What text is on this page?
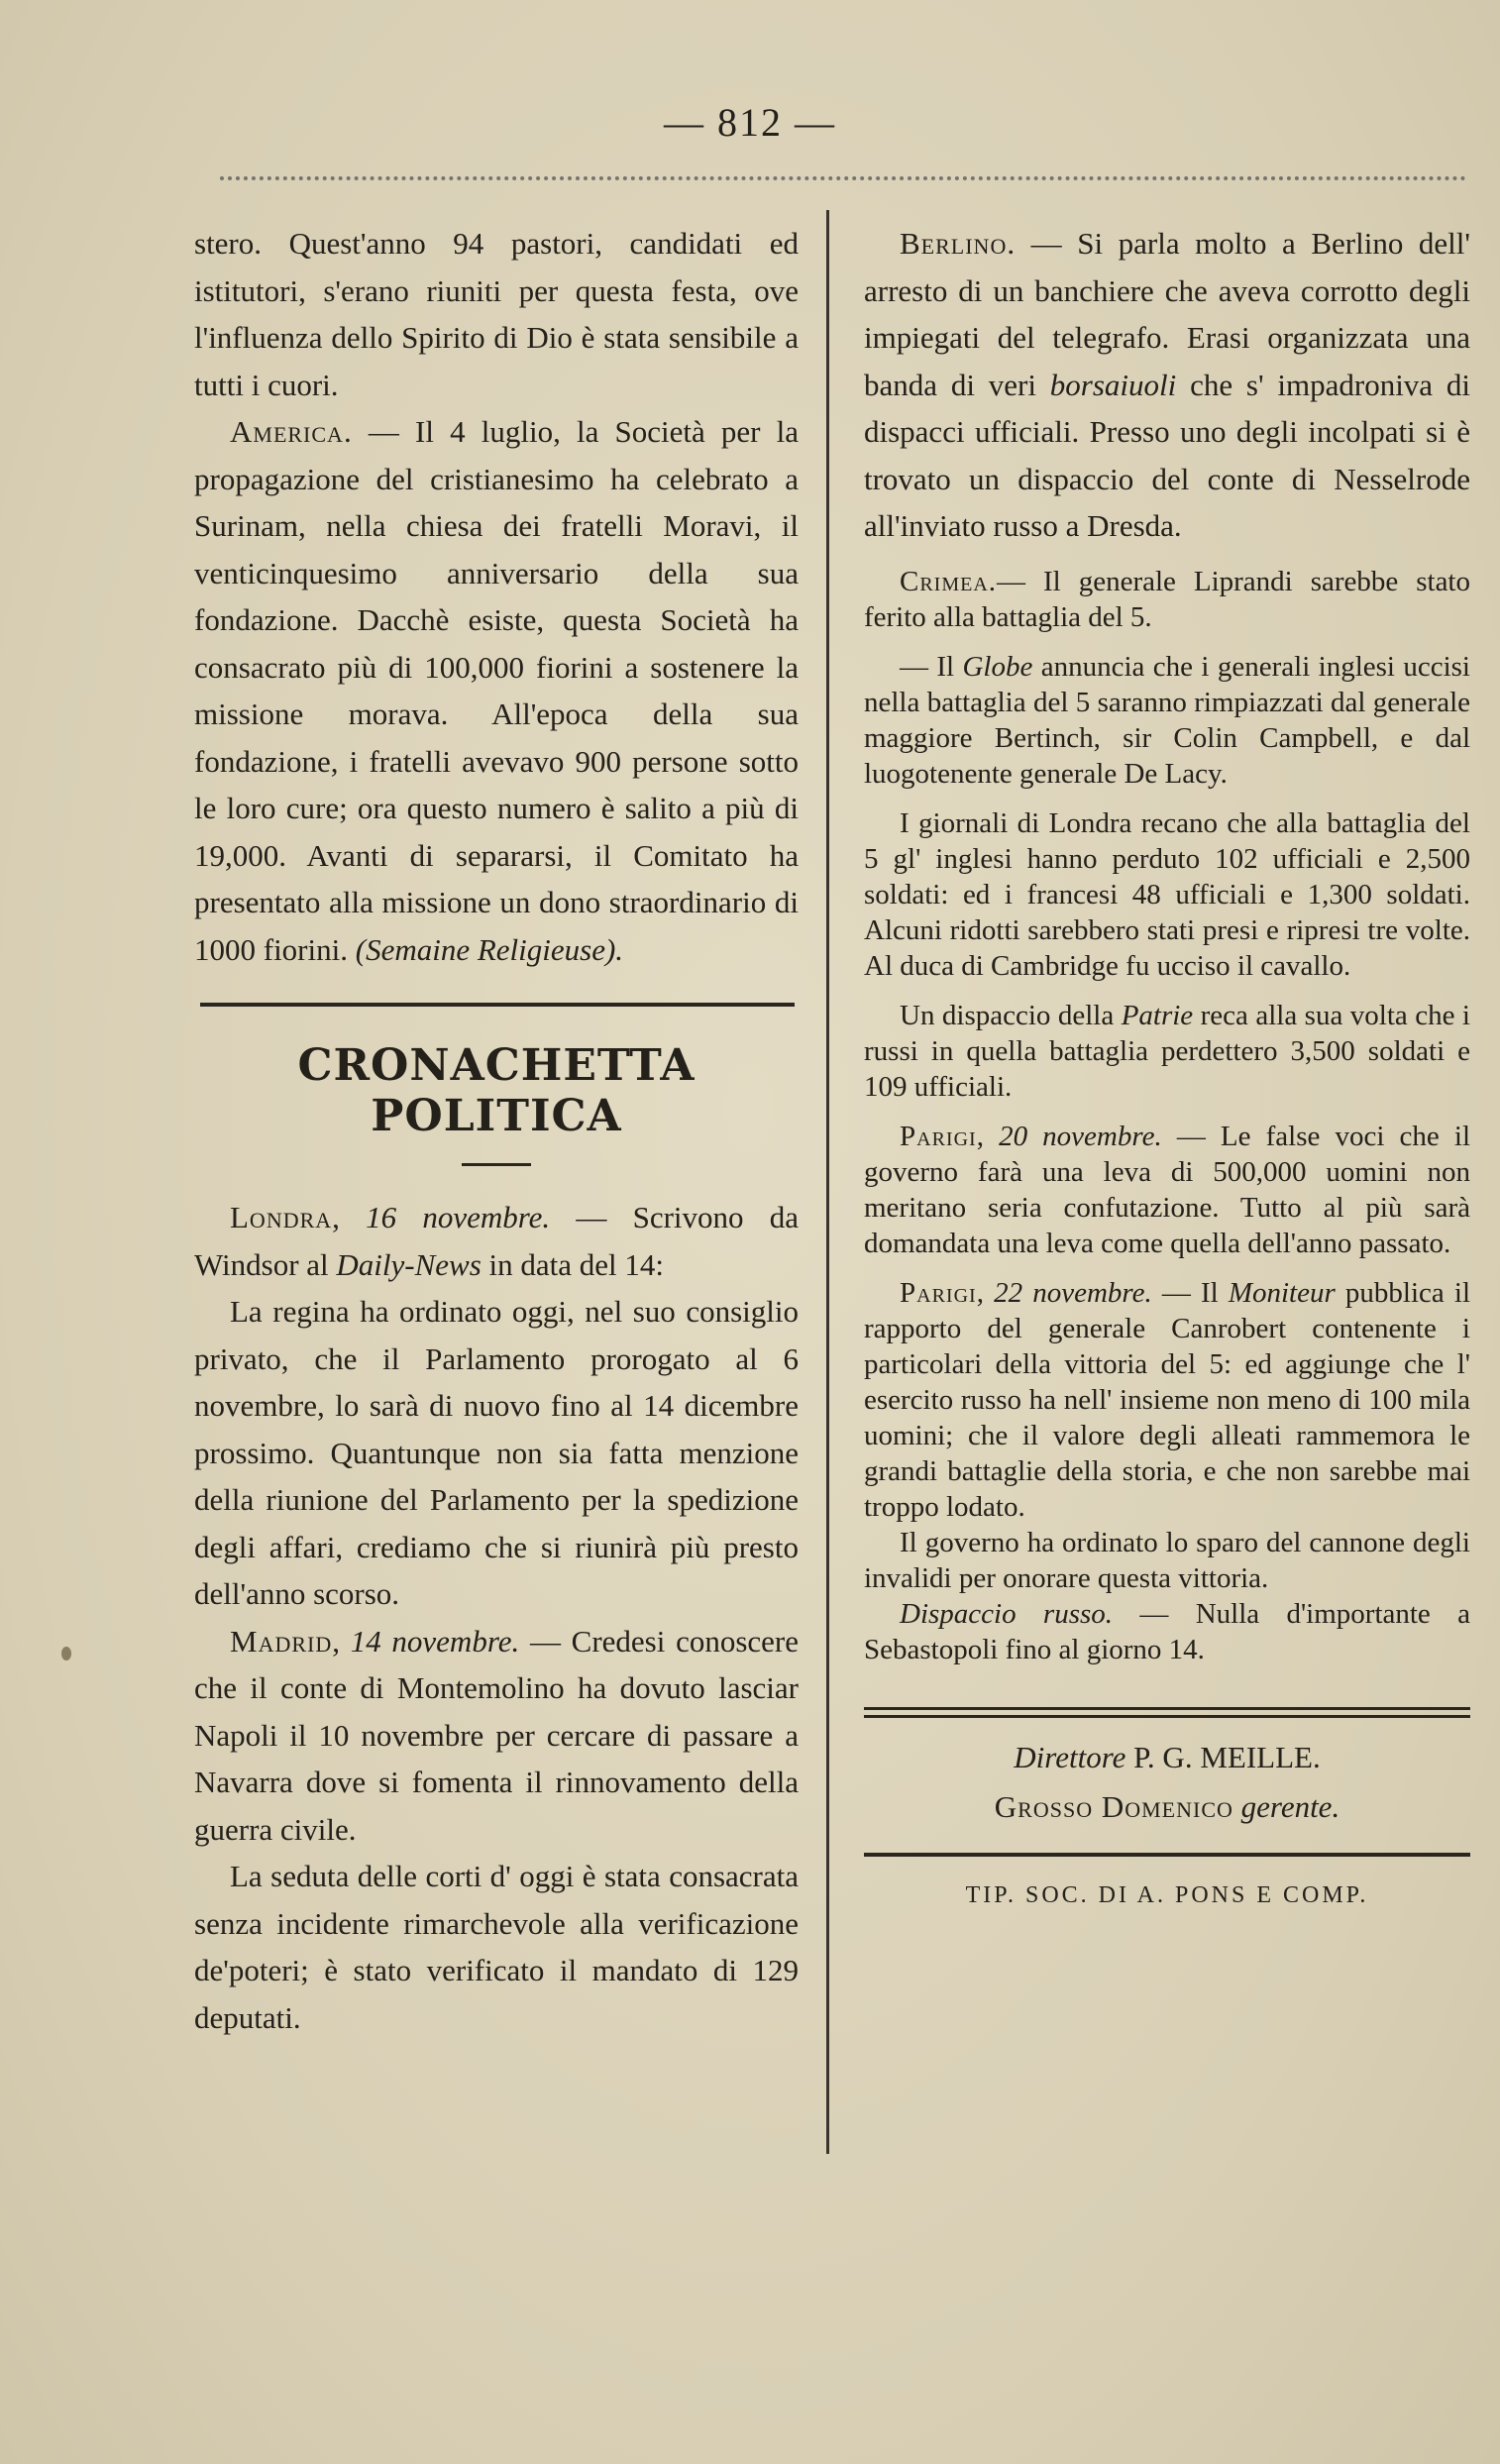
— 812 —

stero. Quest'anno 94 pastori, candidati ed istitutori, s'erano riuniti per questa festa, ove l'influenza dello Spirito di Dio è stata sensibile a tutti i cuori.

America. — Il 4 luglio, la Società per la propagazione del cristianesimo ha celebrato a Surinam, nella chiesa dei fratelli Moravi, il venticinquesimo anniversario della sua fondazione. Dacchè esiste, questa Società ha consacrato più di 100,000 fiorini a sostenere la missione morava. All'epoca della sua fondazione, i fratelli avevavo 900 persone sotto le loro cure; ora questo numero è salito a più di 19,000. Avanti di separarsi, il Comitato ha presentato alla missione un dono straordinario di 1000 fiorini. (Semaine Religieuse).

CRONACHETTA POLITICA

Londra, 16 novembre. — Scrivono da Windsor al Daily-News in data del 14:

La regina ha ordinato oggi, nel suo consiglio privato, che il Parlamento prorogato al 6 novembre, lo sarà di nuovo fino al 14 dicembre prossimo. Quantunque non sia fatta menzione della riunione del Parlamento per la spedizione degli affari, crediamo che si riunirà più presto dell'anno scorso.

Madrid, 14 novembre. — Credesi conoscere che il conte di Montemolino ha dovuto lasciar Napoli il 10 novembre per cercare di passare a Navarra dove si fomenta il rinnovamento della guerra civile.

La seduta delle corti d' oggi è stata consacrata senza incidente rimarchevole alla verificazione de'poteri; è stato verificato il mandato di 129 deputati.

Berlino. — Si parla molto a Berlino dell' arresto di un banchiere che aveva corrotto degli impiegati del telegrafo. Erasi organizzata una banda di veri borsaiuoli che s' impadroniva di dispacci ufficiali. Presso uno degli incolpati si è trovato un dispaccio del conte di Nesselrode all'inviato russo a Dresda.

Crimea.— Il generale Liprandi sarebbe stato ferito alla battaglia del 5.

— Il Globe annuncia che i generali inglesi uccisi nella battaglia del 5 saranno rimpiazzati dal generale maggiore Bertinch, sir Colin Campbell, e dal luogotenente generale De Lacy.

I giornali di Londra recano che alla battaglia del 5 gl' inglesi hanno perduto 102 ufficiali e 2,500 soldati: ed i francesi 48 ufficiali e 1,300 soldati. Alcuni ridotti sarebbero stati presi e ripresi tre volte. Al duca di Cambridge fu ucciso il cavallo.

Un dispaccio della Patrie reca alla sua volta che i russi in quella battaglia perdettero 3,500 soldati e 109 ufficiali.

Parigi, 20 novembre. — Le false voci che il governo farà una leva di 500,000 uomini non meritano seria confutazione. Tutto al più sarà domandata una leva come quella dell'anno passato.

Parigi, 22 novembre. — Il Moniteur pubblica il rapporto del generale Canrobert contenente i particolari della vittoria del 5: ed aggiunge che l' esercito russo ha nell' insieme non meno di 100 mila uomini; che il valore degli alleati rammemora le grandi battaglie della storia, e che non sarebbe mai troppo lodato.

Il governo ha ordinato lo sparo del cannone degli invalidi per onorare questa vittoria.

Dispaccio russo. — Nulla d'importante a Sebastopoli fino al giorno 14.

Direttore P. G. MEILLE.
Grosso Domenico gerente.
TIP. SOC. DI A. PONS E COMP.
